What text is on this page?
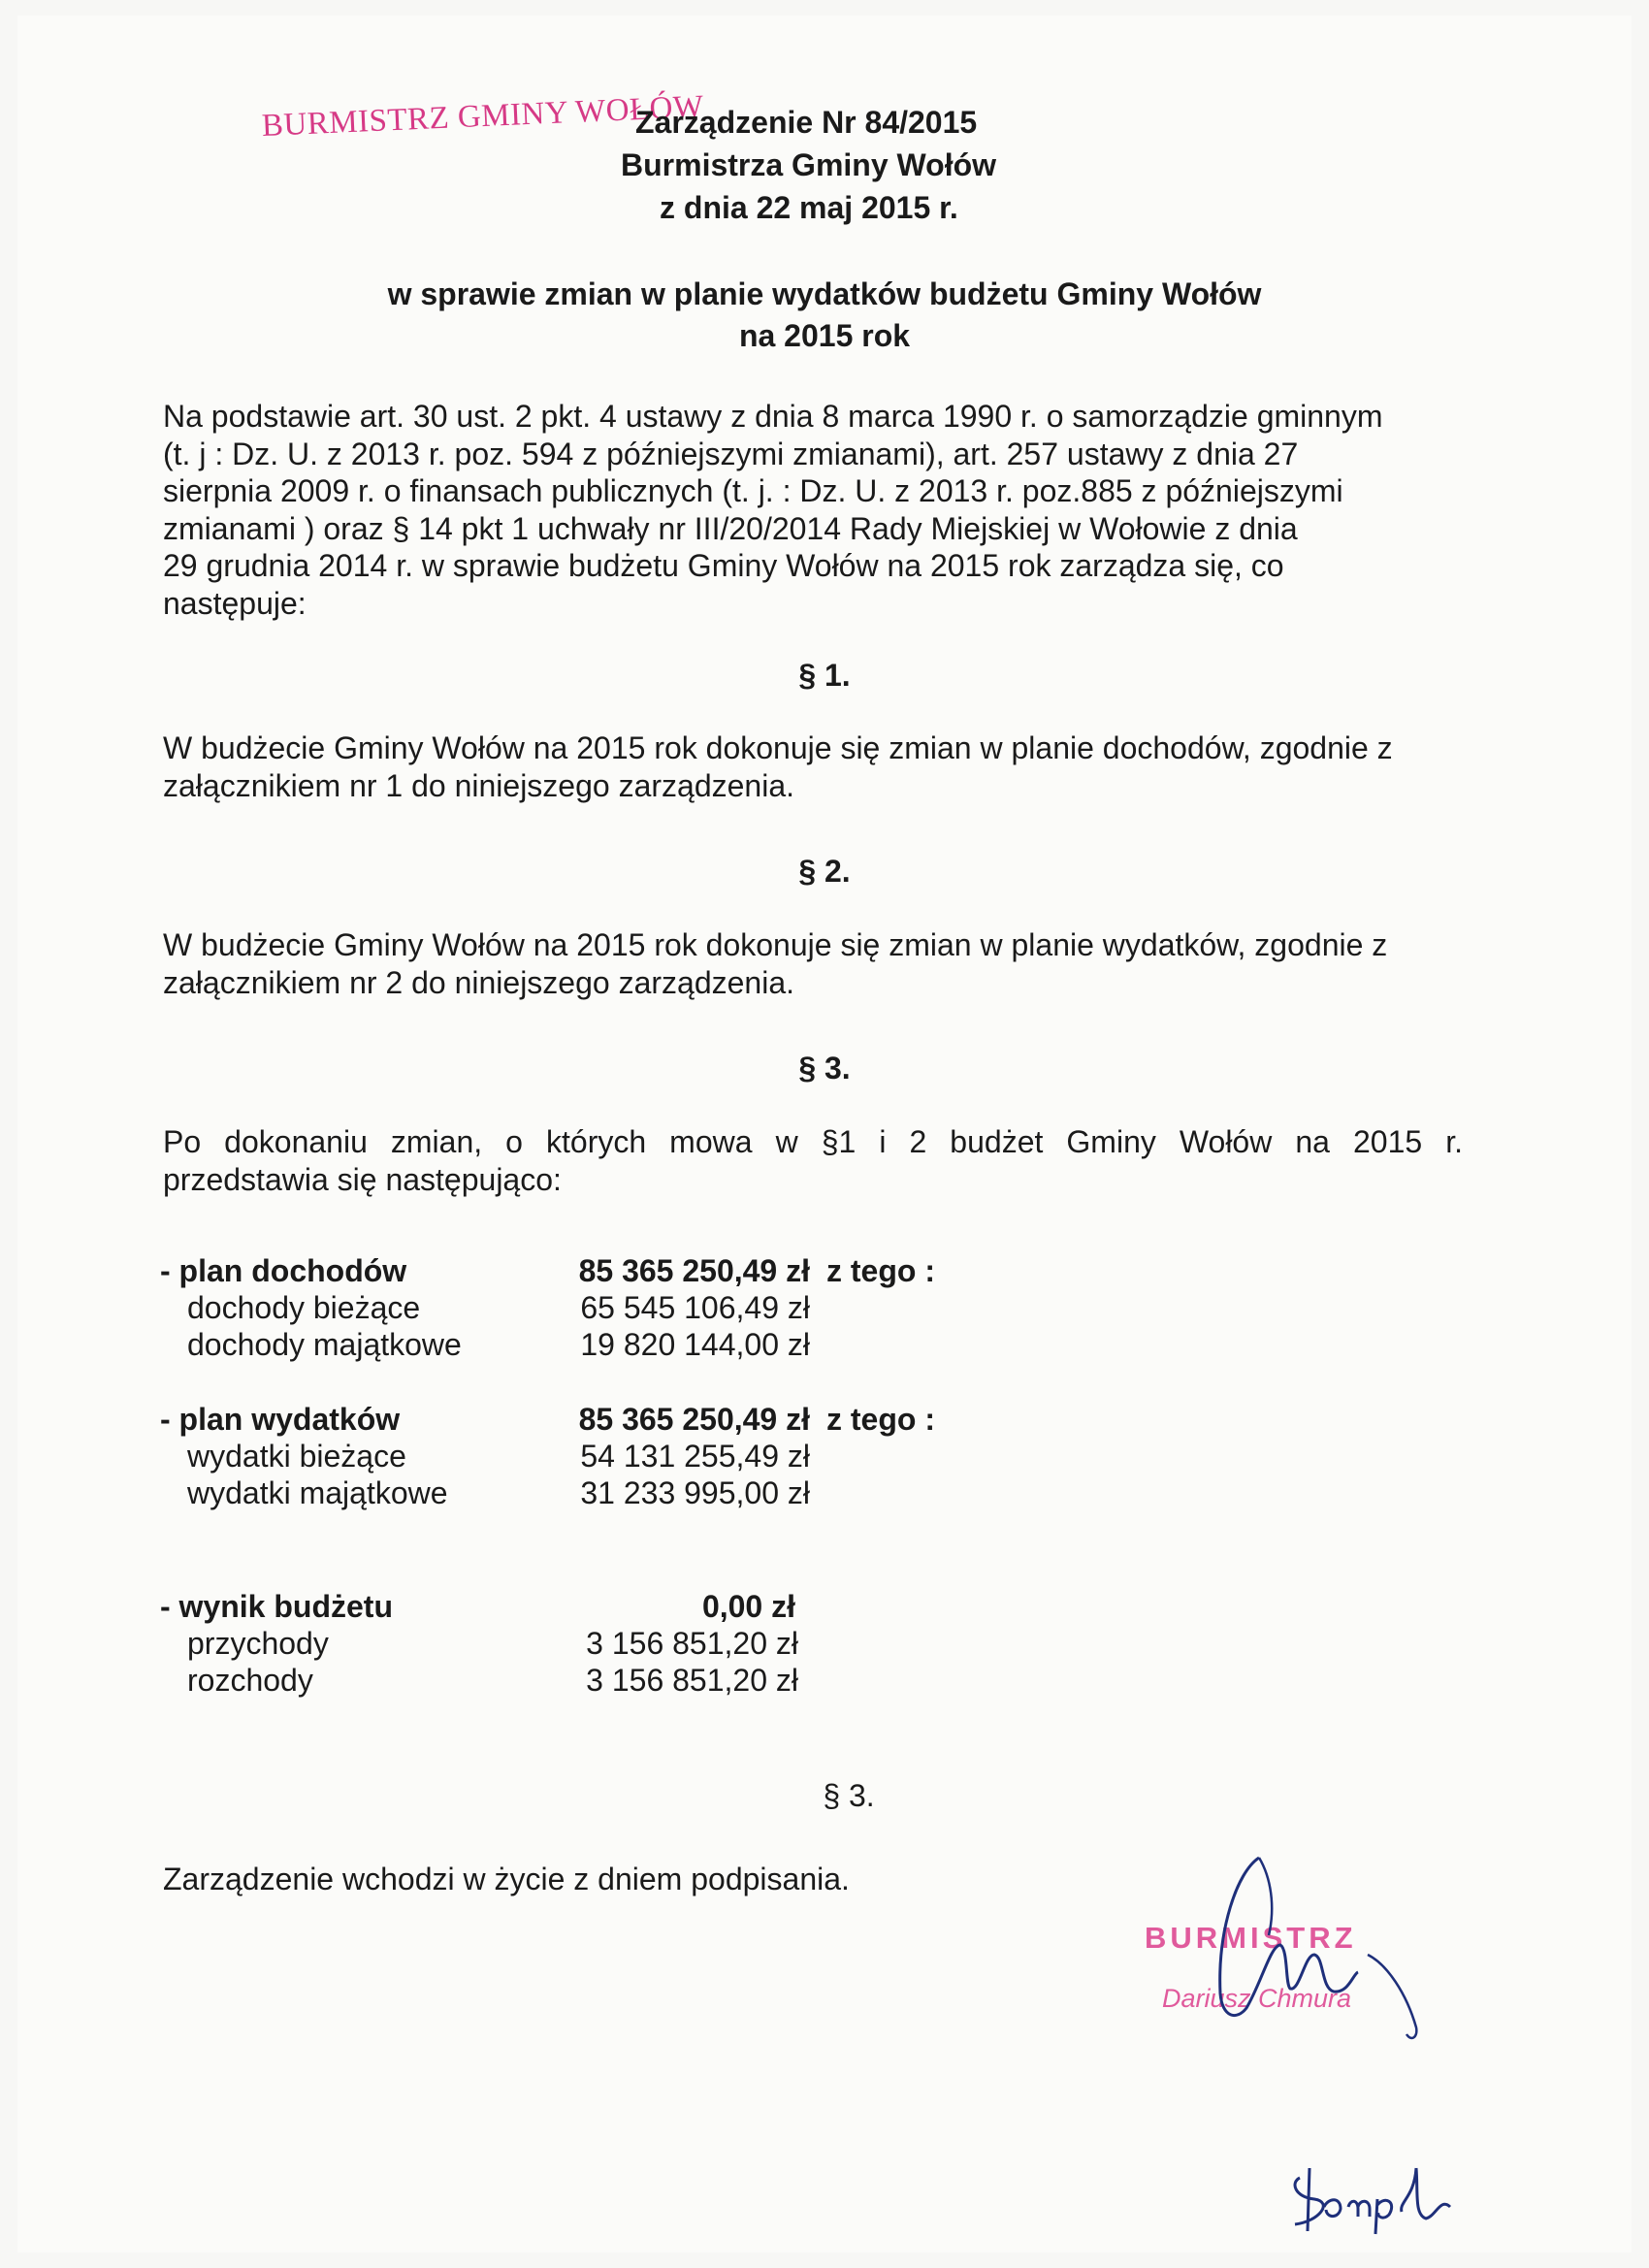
BURMISTRZ GMINY WOŁÓW
Zarządzenie Nr 84/2015
Burmistrza Gminy Wołów
z dnia 22 maj 2015 r.
w sprawie zmian w planie wydatków budżetu Gminy Wołów
na 2015 rok
Na podstawie art. 30 ust. 2 pkt. 4 ustawy z dnia 8 marca 1990 r. o samorządzie gminnym
(t. j : Dz. U. z 2013 r. poz. 594 z późniejszymi zmianami), art. 257 ustawy z dnia 27
sierpnia 2009 r. o finansach publicznych (t. j. : Dz. U. z 2013 r. poz.885 z późniejszymi
zmianami ) oraz § 14 pkt 1 uchwały nr III/20/2014 Rady Miejskiej w Wołowie z dnia
29 grudnia 2014 r. w sprawie budżetu Gminy Wołów na 2015 rok zarządza się, co
następuje:
§ 1.
W budżecie Gminy Wołów na 2015 rok dokonuje się zmian w planie dochodów, zgodnie z
załącznikiem nr 1 do niniejszego zarządzenia.
§ 2.
W budżecie Gminy Wołów na 2015 rok dokonuje się zmian w planie wydatków, zgodnie z
załącznikiem nr 2 do niniejszego zarządzenia.
§ 3.
Po dokonaniu zmian, o których mowa w §1 i 2 budżet Gminy Wołów na 2015 r.
przedstawia się następująco:
- plan dochodów	85 365 250,49 zł z tego :
dochody bieżące	65 545 106,49 zł
dochody majątkowe	19 820 144,00 zł
- plan wydatków	85 365 250,49 zł z tego :
wydatki bieżące	54 131 255,49 zł
wydatki majątkowe	31 233 995,00 zł
- wynik budżetu	0,00 zł
przychody	3 156 851,20 zł
rozchody	3 156 851,20 zł
§ 3.
Zarządzenie wchodzi w życie z dniem podpisania.
BURMISTRZ
Dariusz Chmura
